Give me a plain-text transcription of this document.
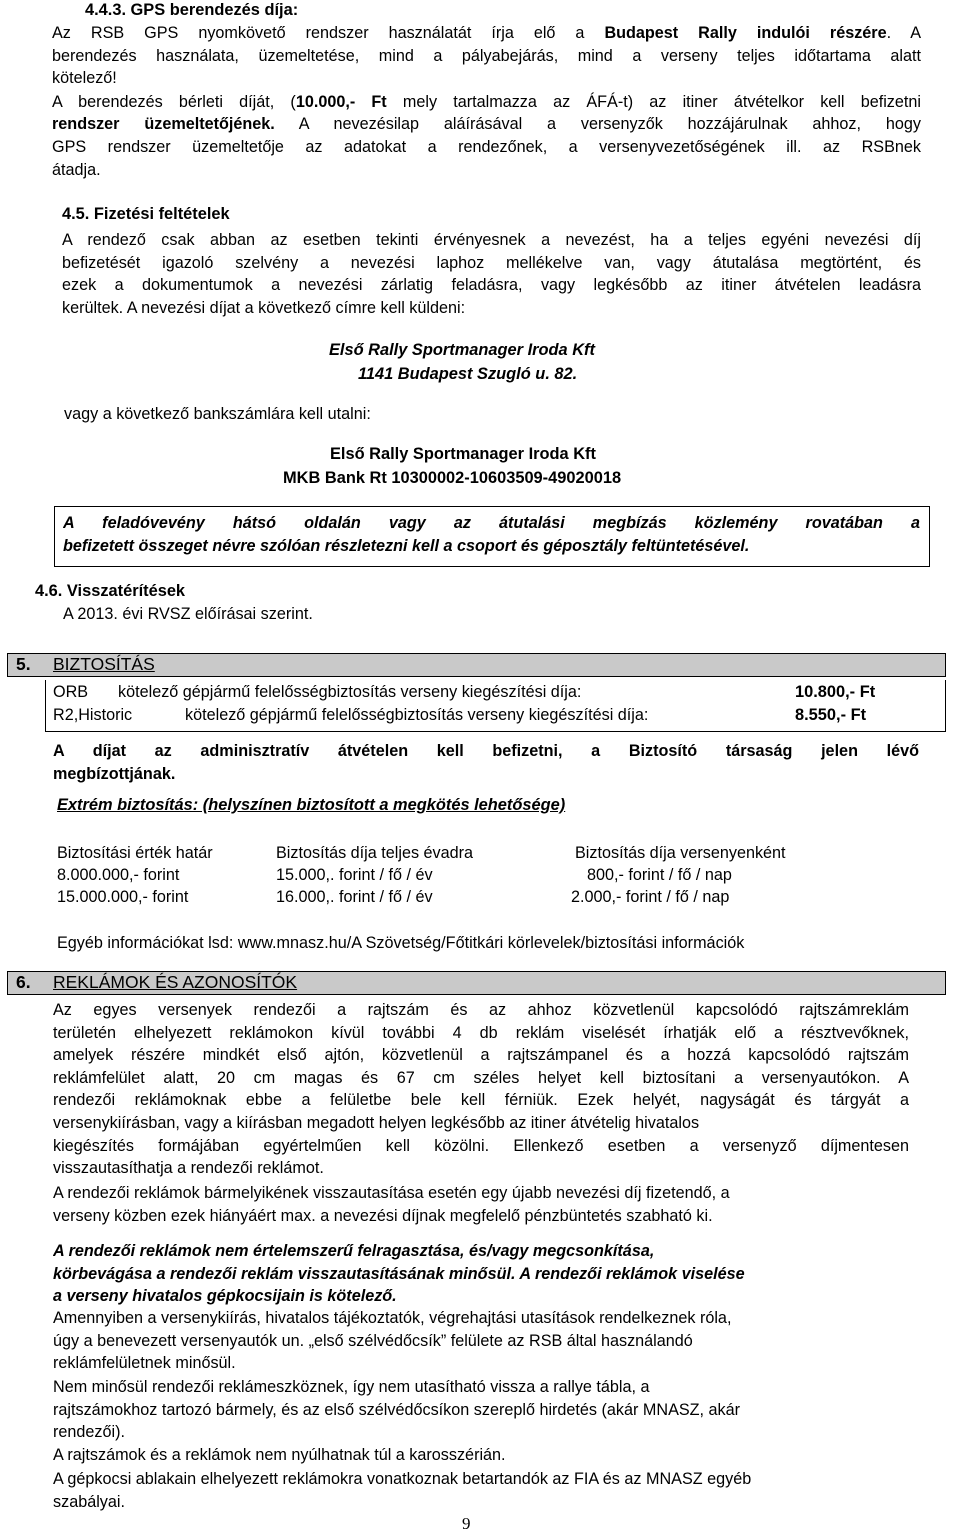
4.4.3. GPS berendezés díja:
Az RSB GPS nyomkövető rendszer használatát írja elő a Budapest Rally indulói részére. A
berendezés használata, üzemeltetése, mind a pályabejárás, mind a verseny teljes időtartama alatt
kötelező!
A berendezés bérleti díját, (10.000,- Ft mely tartalmazza az ÁFÁ-t) az itiner átvételkor kell befizetni
rendszer üzemeltetőjének. A nevezésilap aláírásával a versenyzők hozzájárulnak ahhoz, hogy
GPS rendszer üzemeltetője az adatokat a rendezőnek, a versenyvezetőségének ill. az RSBnek
átadja.
4.5. Fizetési feltételek
A rendező csak abban az esetben tekinti érvényesnek a nevezést, ha a teljes egyéni nevezési díj
befizetését igazoló szelvény a nevezési laphoz mellékelve van, vagy átutalása megtörtént, és
ezek a dokumentumok a nevezési zárlatig feladásra, vagy legkésőbb az itiner átvételen leadásra
kerültek. A nevezési díjat a következő címre kell küldeni:
Első Rally Sportmanager Iroda Kft
1141 Budapest Szugló u. 82.
vagy a következő bankszámlára kell utalni:
Első Rally Sportmanager Iroda Kft
MKB Bank Rt 10300002-10603509-49020018
A feladóvevény hátsó oldalán vagy az átutalási megbízás közlemény rovatában a
befizetett összeget névre szólóan részletezni kell a csoport és géposztály feltüntetésével.
4.6. Visszatérítések
A 2013. évi RVSZ előírásai szerint.
5. BIZTOSÍTÁS
ORB kötelező gépjármű felelősségbiztosítás verseny kiegészítési díja:	10.800,- Ft
R2,Historic	kötelező gépjármű felelősségbiztosítás verseny kiegészítési díja:	8.550,- Ft
A díjat az adminisztratív átvételen kell befizetni, a Biztosító társaság jelen lévő
megbízottjának.
Extrém biztosítás: (helyszínen biztosított a megkötés lehetősége)
Biztosítási érték határ	Biztosítás díja teljes évadra	Biztosítás díja versenyenként
8.000.000,- forint	15.000,. forint / fő / év	800,- forint / fő / nap
15.000.000,- forint	16.000,. forint / fő / év	2.000,- forint / fő / nap
Egyéb információkat lsd: www.mnasz.hu/A Szövetség/Főtitkári körlevelek/biztosítási információk
6. REKLÁMOK ÉS AZONOSÍTÓK
Az egyes versenyek rendezői a rajtszám és az ahhoz közvetlenül kapcsolódó rajtszámreklám
területén elhelyezett reklámokon kívül további 4 db reklám viselését írhatják elő a résztvevőknek,
amelyek részére mindkét első ajtón, közvetlenül a rajtszámpanel és a hozzá kapcsolódó rajtszám
reklámfelület alatt, 20 cm magas és 67 cm széles helyet kell biztosítani a versenyautókon. A
rendezői reklámoknak ebbe a felületbe bele kell férniük. Ezek helyét, nagyságát és tárgyát a
versenykiírásban, vagy a kiírásban megadott helyen legkésőbb az itiner átvételig hivatalos
kiegészítés formájában egyértelműen kell közölni. Ellenkező esetben a versenyző díjmentesen
visszautasíthatja a rendezői reklámot.
A rendezői reklámok bármelyikének visszautasítása esetén egy újabb nevezési díj fizetendő, a
verseny közben ezek hiányáért max. a nevezési díjnak megfelelő pénzbüntetés szabható ki.
A rendezői reklámok nem értelemszerű felragasztása, és/vagy megcsonkítása,
körbevágása a rendezői reklám visszautasításának minősül. A rendezői reklámok viselése
a verseny hivatalos gépkocsijain is kötelező.
Amennyiben a versenykiírás, hivatalos tájékoztatók, végrehajtási utasítások rendelkeznek róla,
úgy a benevezett versenyautók un. „első szélvédőcsík” felülete az RSB által használandó
reklámfelületnek minősül.
Nem minősül rendezői reklámeszköznek, így nem utasítható vissza a rallye tábla, a
rajtszámokhoz tartozó bármely, és az első szélvédőcsíkon szereplő hirdetés (akár MNASZ, akár
rendezői).
A rajtszámok és a reklámok nem nyúlhatnak túl a karosszérián.
A gépkocsi ablakain elhelyezett reklámokra vonatkoznak betartandók az FIA és az MNASZ egyéb
szabályai.
9
